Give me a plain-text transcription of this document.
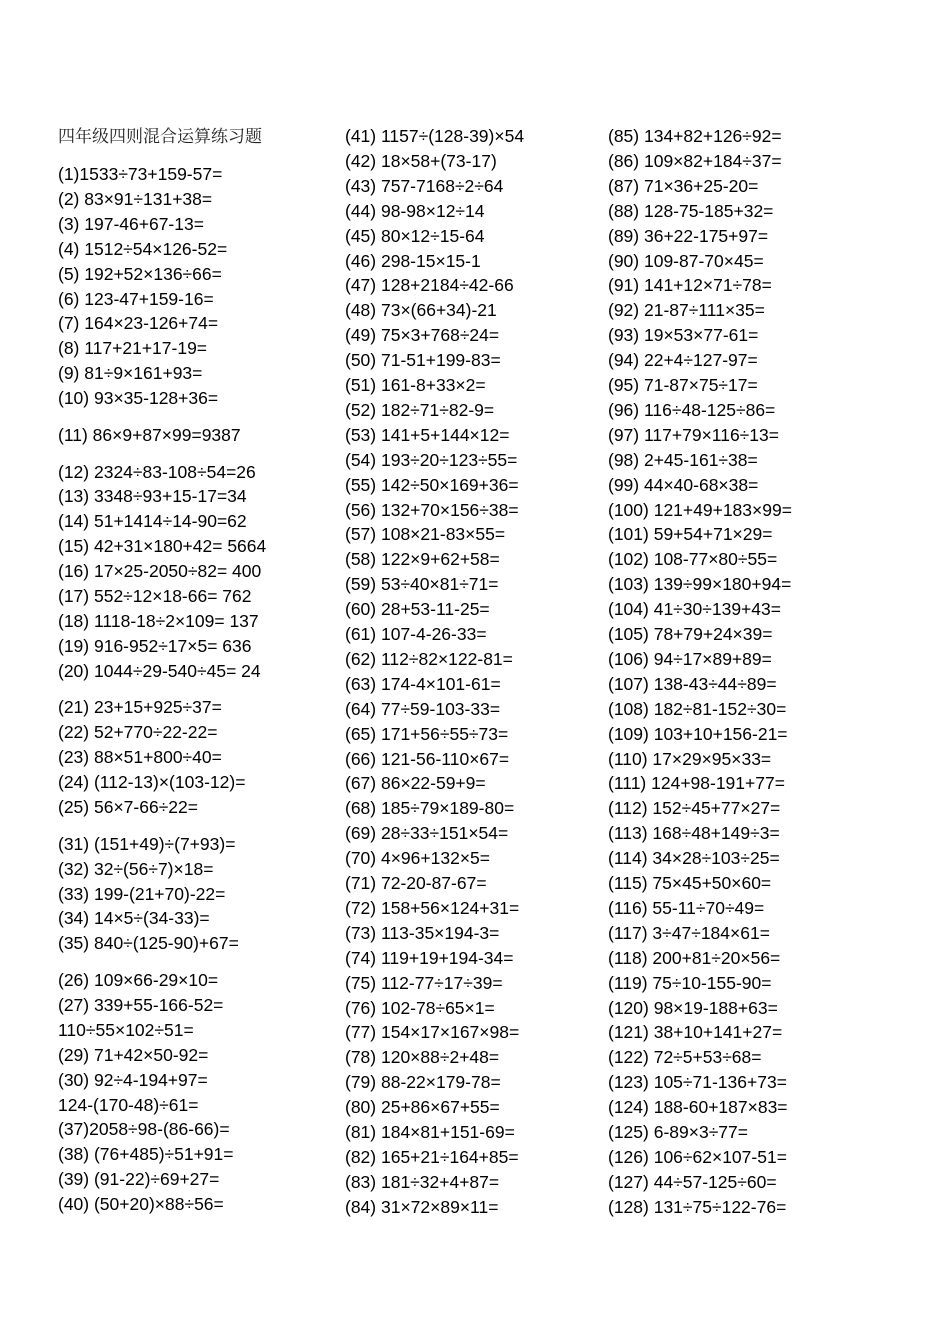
四年级四则混合运算练习题
(1)1533÷73+159-57=
(2) 83×91÷131+38=
(3) 197-46+67-13=
(4) 1512÷54×126-52=
(5) 192+52×136÷66=
(6) 123-47+159-16=
(7) 164×23-126+74=
(8) 117+21+17-19=
(9) 81÷9×161+93=
(10) 93×35-128+36=
(11) 86×9+87×99=9387
(12) 2324÷83-108÷54=26
(13) 3348÷93+15-17=34
(14) 51+1414÷14-90=62
(15) 42+31×180+42= 5664
(16) 17×25-2050÷82= 400
(17) 552÷12×18-66= 762
(18) 1118-18÷2×109= 137
(19) 916-952÷17×5= 636
(20) 1044÷29-540÷45= 24
(21) 23+15+925÷37=
(22) 52+770÷22-22=
(23) 88×51+800÷40=
(24) (112-13)×(103-12)=
(25) 56×7-66÷22=
(31) (151+49)÷(7+93)=
(32) 32÷(56÷7)×18=
(33) 199-(21+70)-22=
(34) 14×5÷(34-33)=
(35) 840÷(125-90)+67=
(26) 109×66-29×10=
(27) 339+55-166-52=
110÷55×102÷51=
(29) 71+42×50-92=
(30) 92÷4-194+97=
124-(170-48)÷61=
(37)2058÷98-(86-66)=
(38) (76+485)÷51+91=
(39) (91-22)÷69+27=
(40) (50+20)×88÷56=
(41) 1157÷(128-39)×54
(42) 18×58+(73-17)
(43) 757-7168÷2÷64
(44) 98-98×12÷14
(45) 80×12÷15-64
(46) 298-15×15-1
(47) 128+2184÷42-66
(48) 73×(66+34)-21
(49) 75×3+768÷24=
(50) 71-51+199-83=
(51) 161-8+33×2=
(52) 182÷71÷82-9=
(53) 141+5+144×12=
(54) 193÷20÷123÷55=
(55) 142÷50×169+36=
(56) 132+70×156÷38=
(57) 108×21-83×55=
(58) 122×9+62+58=
(59) 53÷40×81÷71=
(60) 28+53-11-25=
(61) 107-4-26-33=
(62) 112÷82×122-81=
(63) 174-4×101-61=
(64) 77÷59-103-33=
(65) 171+56÷55÷73=
(66) 121-56-110×67=
(67) 86×22-59+9=
(68) 185÷79×189-80=
(69) 28÷33÷151×54=
(70) 4×96+132×5=
(71) 72-20-87-67=
(72) 158+56×124+31=
(73) 113-35×194-3=
(74) 119+19+194-34=
(75) 112-77÷17÷39=
(76) 102-78÷65×1=
(77) 154×17×167×98=
(78) 120×88÷2+48=
(79) 88-22×179-78=
(80) 25+86×67+55=
(81) 184×81+151-69=
(82) 165+21÷164+85=
(83) 181÷32+4+87=
(84) 31×72×89×11=
(85) 134+82+126÷92=
(86) 109×82+184÷37=
(87) 71×36+25-20=
(88) 128-75-185+32=
(89) 36+22-175+97=
(90) 109-87-70×45=
(91) 141+12×71÷78=
(92) 21-87÷111×35=
(93) 19×53×77-61=
(94) 22+4÷127-97=
(95) 71-87×75÷17=
(96) 116÷48-125÷86=
(97) 117+79×116÷13=
(98) 2+45-161÷38=
(99) 44×40-68×38=
(100) 121+49+183×99=
(101) 59+54+71×29=
(102) 108-77×80÷55=
(103) 139÷99×180+94=
(104) 41÷30÷139+43=
(105) 78+79+24×39=
(106) 94÷17×89+89=
(107) 138-43÷44÷89=
(108) 182÷81-152÷30=
(109) 103+10+156-21=
(110) 17×29×95×33=
(111) 124+98-191+77=
(112) 152÷45+77×27=
(113) 168÷48+149÷3=
(114) 34×28÷103÷25=
(115) 75×45+50×60=
(116) 55-11÷70÷49=
(117) 3÷47÷184×61=
(118) 200+81÷20×56=
(119) 75÷10-155-90=
(120) 98×19-188+63=
(121) 38+10+141+27=
(122) 72÷5+53÷68=
(123) 105÷71-136+73=
(124) 188-60+187×83=
(125) 6-89×3÷77=
(126) 106÷62×107-51=
(127) 44÷57-125÷60=
(128) 131÷75÷122-76=
